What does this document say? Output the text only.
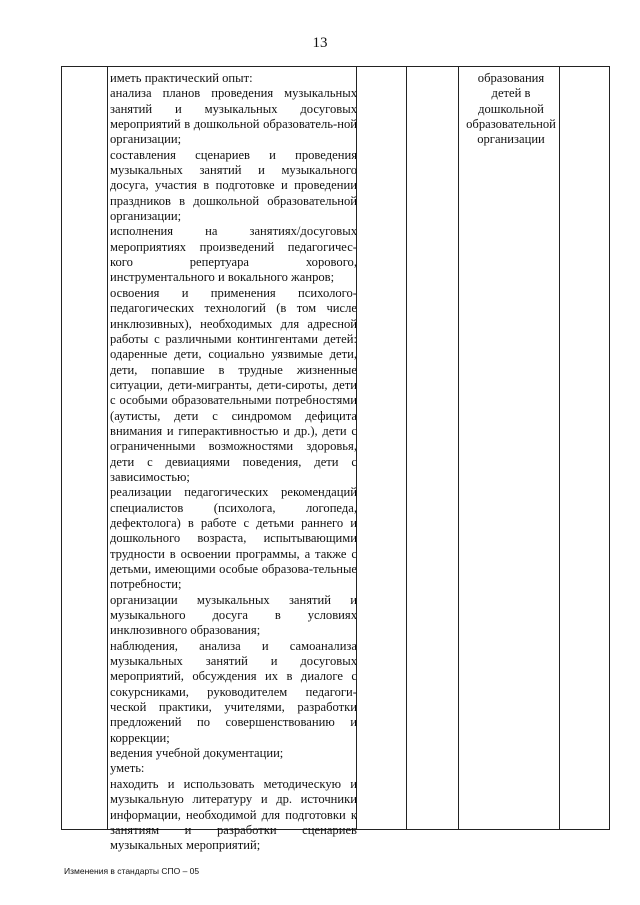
13

иметь практический опыт:

анализа планов проведения музыкальных занятий и музыкальных досуговых мероприятий в дошкольной образователь-ной организации;

составления сценариев и проведения музыкальных занятий и музыкального досуга, участия в подготовке и проведении праздников в дошкольной образовательной организации;

исполнения на занятиях/досуговых мероприятиях произведений педагогичес-кого репертуара хорового, инструментального и вокального жанров;

освоения и применения психолого-педагогических технологий (в том числе инклюзивных), необходимых для адресной работы с различными контингентами детей: одаренные дети, социально уязвимые дети, дети, попавшие в трудные жизненные ситуации, дети-мигранты, дети-сироты, дети с особыми образовательными потребностями (аутисты, дети с синдромом дефицита внимания и гиперактивностью и др.), дети с ограниченными возможностями здоровья, дети с девиациями поведения, дети с зависимостью;

реализации педагогических рекомендаций специалистов (психолога, логопеда, дефектолога) в работе с детьми раннего и дошкольного возраста, испытывающими трудности в освоении программы, а также с детьми, имеющими особые образова-тельные потребности;

организации музыкальных занятий и музыкального досуга в условиях инклюзивного образования;

наблюдения, анализа и самоанализа музыкальных занятий и досуговых мероприятий, обсуждения их в диалоге с сокурсниками, руководителем педагоги-ческой практики, учителями, разработки предложений по совершенствованию и коррекции;

ведения учебной документации;

уметь:

находить и использовать методическую и музыкальную литературу и др. источники информации, необходимой для подготовки к занятиям и разработки сценариев музыкальных мероприятий;

образования
детей в
дошкольной
образовательной
организации
Изменения в стандарты СПО – 05
